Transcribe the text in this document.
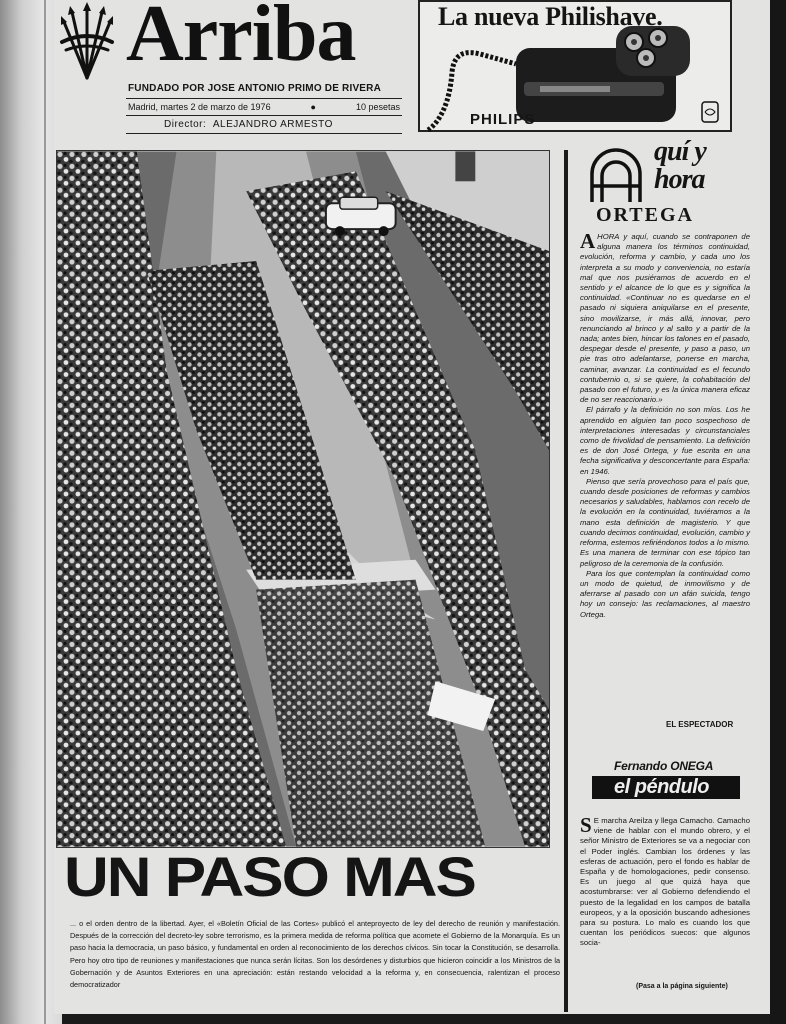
Arriba
FUNDADO POR JOSE ANTONIO PRIMO DE RIVERA
Madrid, martes 2 de marzo de 1976	●	10 pesetas
Director: ALEJANDRO ARMESTO
La nueva Philishave.
PHILIPS
UN PASO MAS
... o el orden dentro de la libertad. Ayer, el «Boletín Oficial de las Cortes» publicó el anteproyecto de ley del derecho de reunión y manifestación. Después de la corrección del decreto-ley sobre terrorismo, es la primera medida de reforma política que acomete el Gobierno de la Monarquía. Es un paso hacia la democracia, un paso básico, y fundamental en orden al reconocimiento de los derechos cívicos. Sin tocar la Constitución, se desarrolla. Pero hoy otro tipo de reuniones y manifestaciones que nunca serán lícitas. Son los desórdenes y disturbios que hicieron coincidir a los Ministros de la Gobernación y de Asuntos Exteriores en una apreciación: están restando velocidad a la reforma y, en consecuencia, ralentizan el proceso democratizador
quí y
hora
ORTEGA
A HORA y aquí, cuando se contraponen de alguna manera los términos continuidad, evolución, reforma y cambio, y cada uno los interpreta a su modo y conveniencia, no estaría mal que nos pusiéramos de acuerdo en el sentido y el alcance de lo que es y significa la continuidad. «Continuar no es quedarse en el pasado ni siquiera aniquilarse en el presente, sino movilizarse, ir más allá, innovar, pero renunciando al brinco y al salto y a partir de la nada; antes bien, hincar los talones en el pasado, despegar desde el presente, y paso a paso, un pie tras otro adelantarse, ponerse en marcha, caminar, avanzar. La continuidad es el fecundo contubernio o, si se quiere, la cohabitación del pasado con el futuro, y es la única manera eficaz de no ser reaccionario.»

El párrafo y la definición no son míos. Los he aprendido en alguien tan poco sospechoso de interpretaciones interesadas y circunstanciales como de frivolidad de pensamiento. La definición es de don José Ortega, y fue escrita en una fecha significativa y desconcertante para España: en 1946.

Pienso que sería provechoso para el país que, cuando desde posiciones de reformas y cambios necesarios y saludables, hablamos con recelo de la evolución en la continuidad, tuviéramos a la mano esta definición de magisterio. Y que cuando decimos continuidad, evolución, cambio y reforma, estemos refiriéndonos todos a lo mismo. Es una manera de terminar con ese tópico tan peligroso de la ceremonia de la confusión.

Para los que contemplan la continuidad como un modo de quietud, de inmovilismo y de aferrarse al pasado con un afán suicida, tengo hoy un consejo: las reclamaciones, al maestro Ortega.

EL ESPECTADOR
Fernando ONEGA
el péndulo
S E marcha Areilza y llega Camacho. Camacho viene de hablar con el mundo obrero, y el señor Ministro de Exteriores se va a negociar con el Poder inglés. Cambian los órdenes y las esferas de actuación, pero el fondo es hablar de España y de homologaciones, pedir consenso. Es un juego al que quizá haya que acostumbrarse: ver al Gobierno defendiendo el puesto de la legalidad en los campos de batalla europeos, y a la oposición buscando adhesiones para su postura. Lo malo es cuando los que cuentan los periódicos suecos: que algunos socia-

(Pasa a la página siguiente)
